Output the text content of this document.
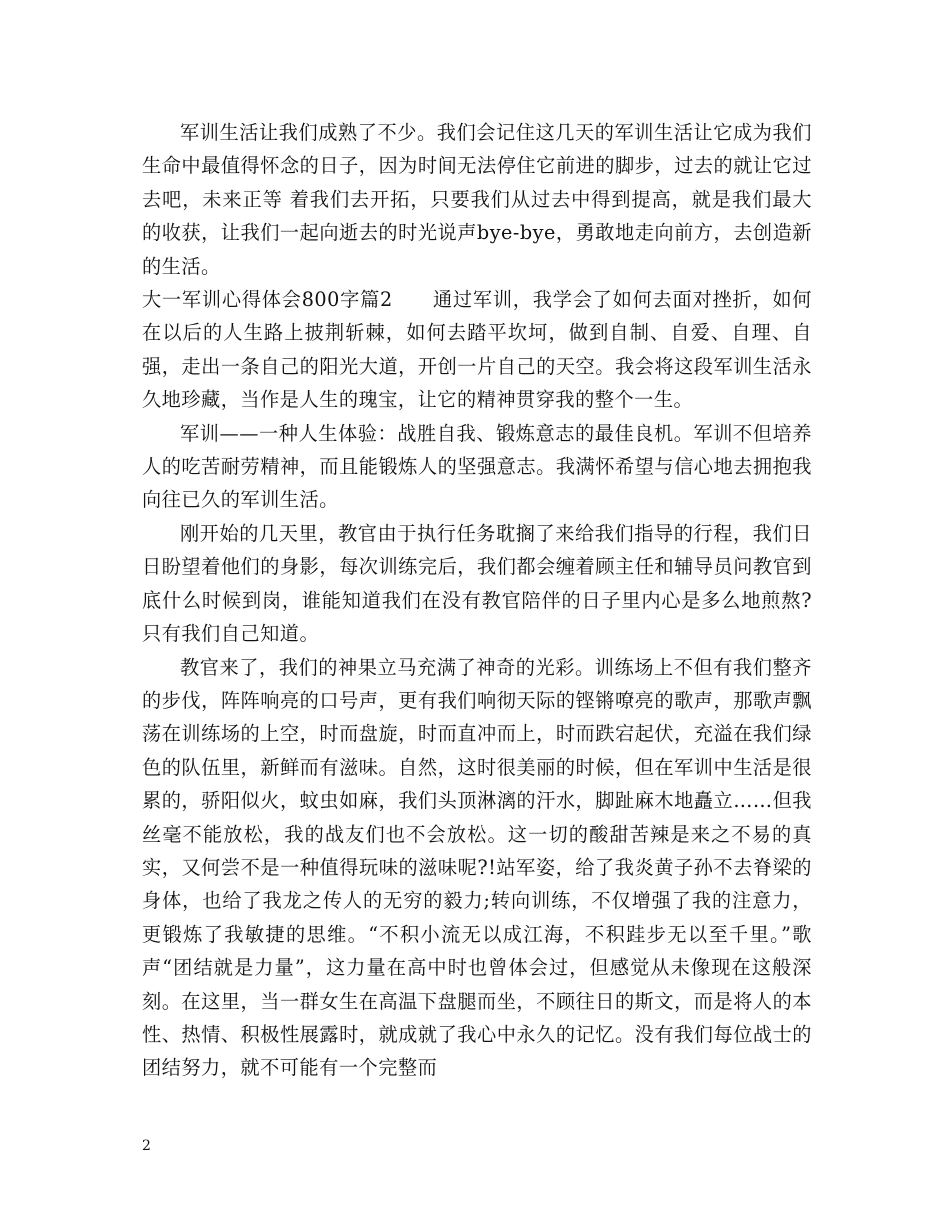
军训生活让我们成熟了不少。我们会记住这几天的军训生活让它成为我们生命中最值得怀念的日子，因为时间无法停住它前进的脚步，过去的就让它过去吧，未来正等 着我们去开拓，只要我们从过去中得到提高，就是我们最大的收获，让我们一起向逝去的时光说声bye-bye，勇敢地走向前方，去创造新的生活。

大一军训心得体会800字篇2　　通过军训，我学会了如何去面对挫折，如何在以后的人生路上披荆斩棘，如何去踏平坎坷，做到自制、自爱、自理、自强，走出一条自己的阳光大道，开创一片自己的天空。我会将这段军训生活永久地珍藏，当作是人生的瑰宝，让它的精神贯穿我的整个一生。

军训——一种人生体验：战胜自我、锻炼意志的最佳良机。军训不但培养人的吃苦耐劳精神，而且能锻炼人的坚强意志。我满怀希望与信心地去拥抱我向往已久的军训生活。

刚开始的几天里，教官由于执行任务耽搁了来给我们指导的行程，我们日日盼望着他们的身影，每次训练完后，我们都会缠着顾主任和辅导员问教官到底什么时候到岗，谁能知道我们在没有教官陪伴的日子里内心是多么地煎熬?只有我们自己知道。

教官来了，我们的神果立马充满了神奇的光彩。训练场上不但有我们整齐的步伐，阵阵响亮的口号声，更有我们响彻天际的铿锵嘹亮的歌声，那歌声飘荡在训练场的上空，时而盘旋，时而直冲而上，时而跌宕起伏，充溢在我们绿色的队伍里，新鲜而有滋味。自然，这时很美丽的时候，但在军训中生活是很累的，骄阳似火，蚊虫如麻，我们头顶淋漓的汗水，脚趾麻木地矗立……但我丝毫不能放松，我的战友们也不会放松。这一切的酸甜苦辣是来之不易的真实，又何尝不是一种值得玩味的滋味呢?!站军姿，给了我炎黄子孙不去脊梁的身体，也给了我龙之传人的无穷的毅力;转向训练，不仅增强了我的注意力，更锻炼了我敏捷的思维。“不积小流无以成江海，不积跬步无以至千里。”歌声“团结就是力量”，这力量在高中时也曾体会过，但感觉从未像现在这般深刻。在这里，当一群女生在高温下盘腿而坐，不顾往日的斯文，而是将人的本性、热情、积极性展露时，就成就了我心中永久的记忆。没有我们每位战士的团结努力，就不可能有一个完整而

2
